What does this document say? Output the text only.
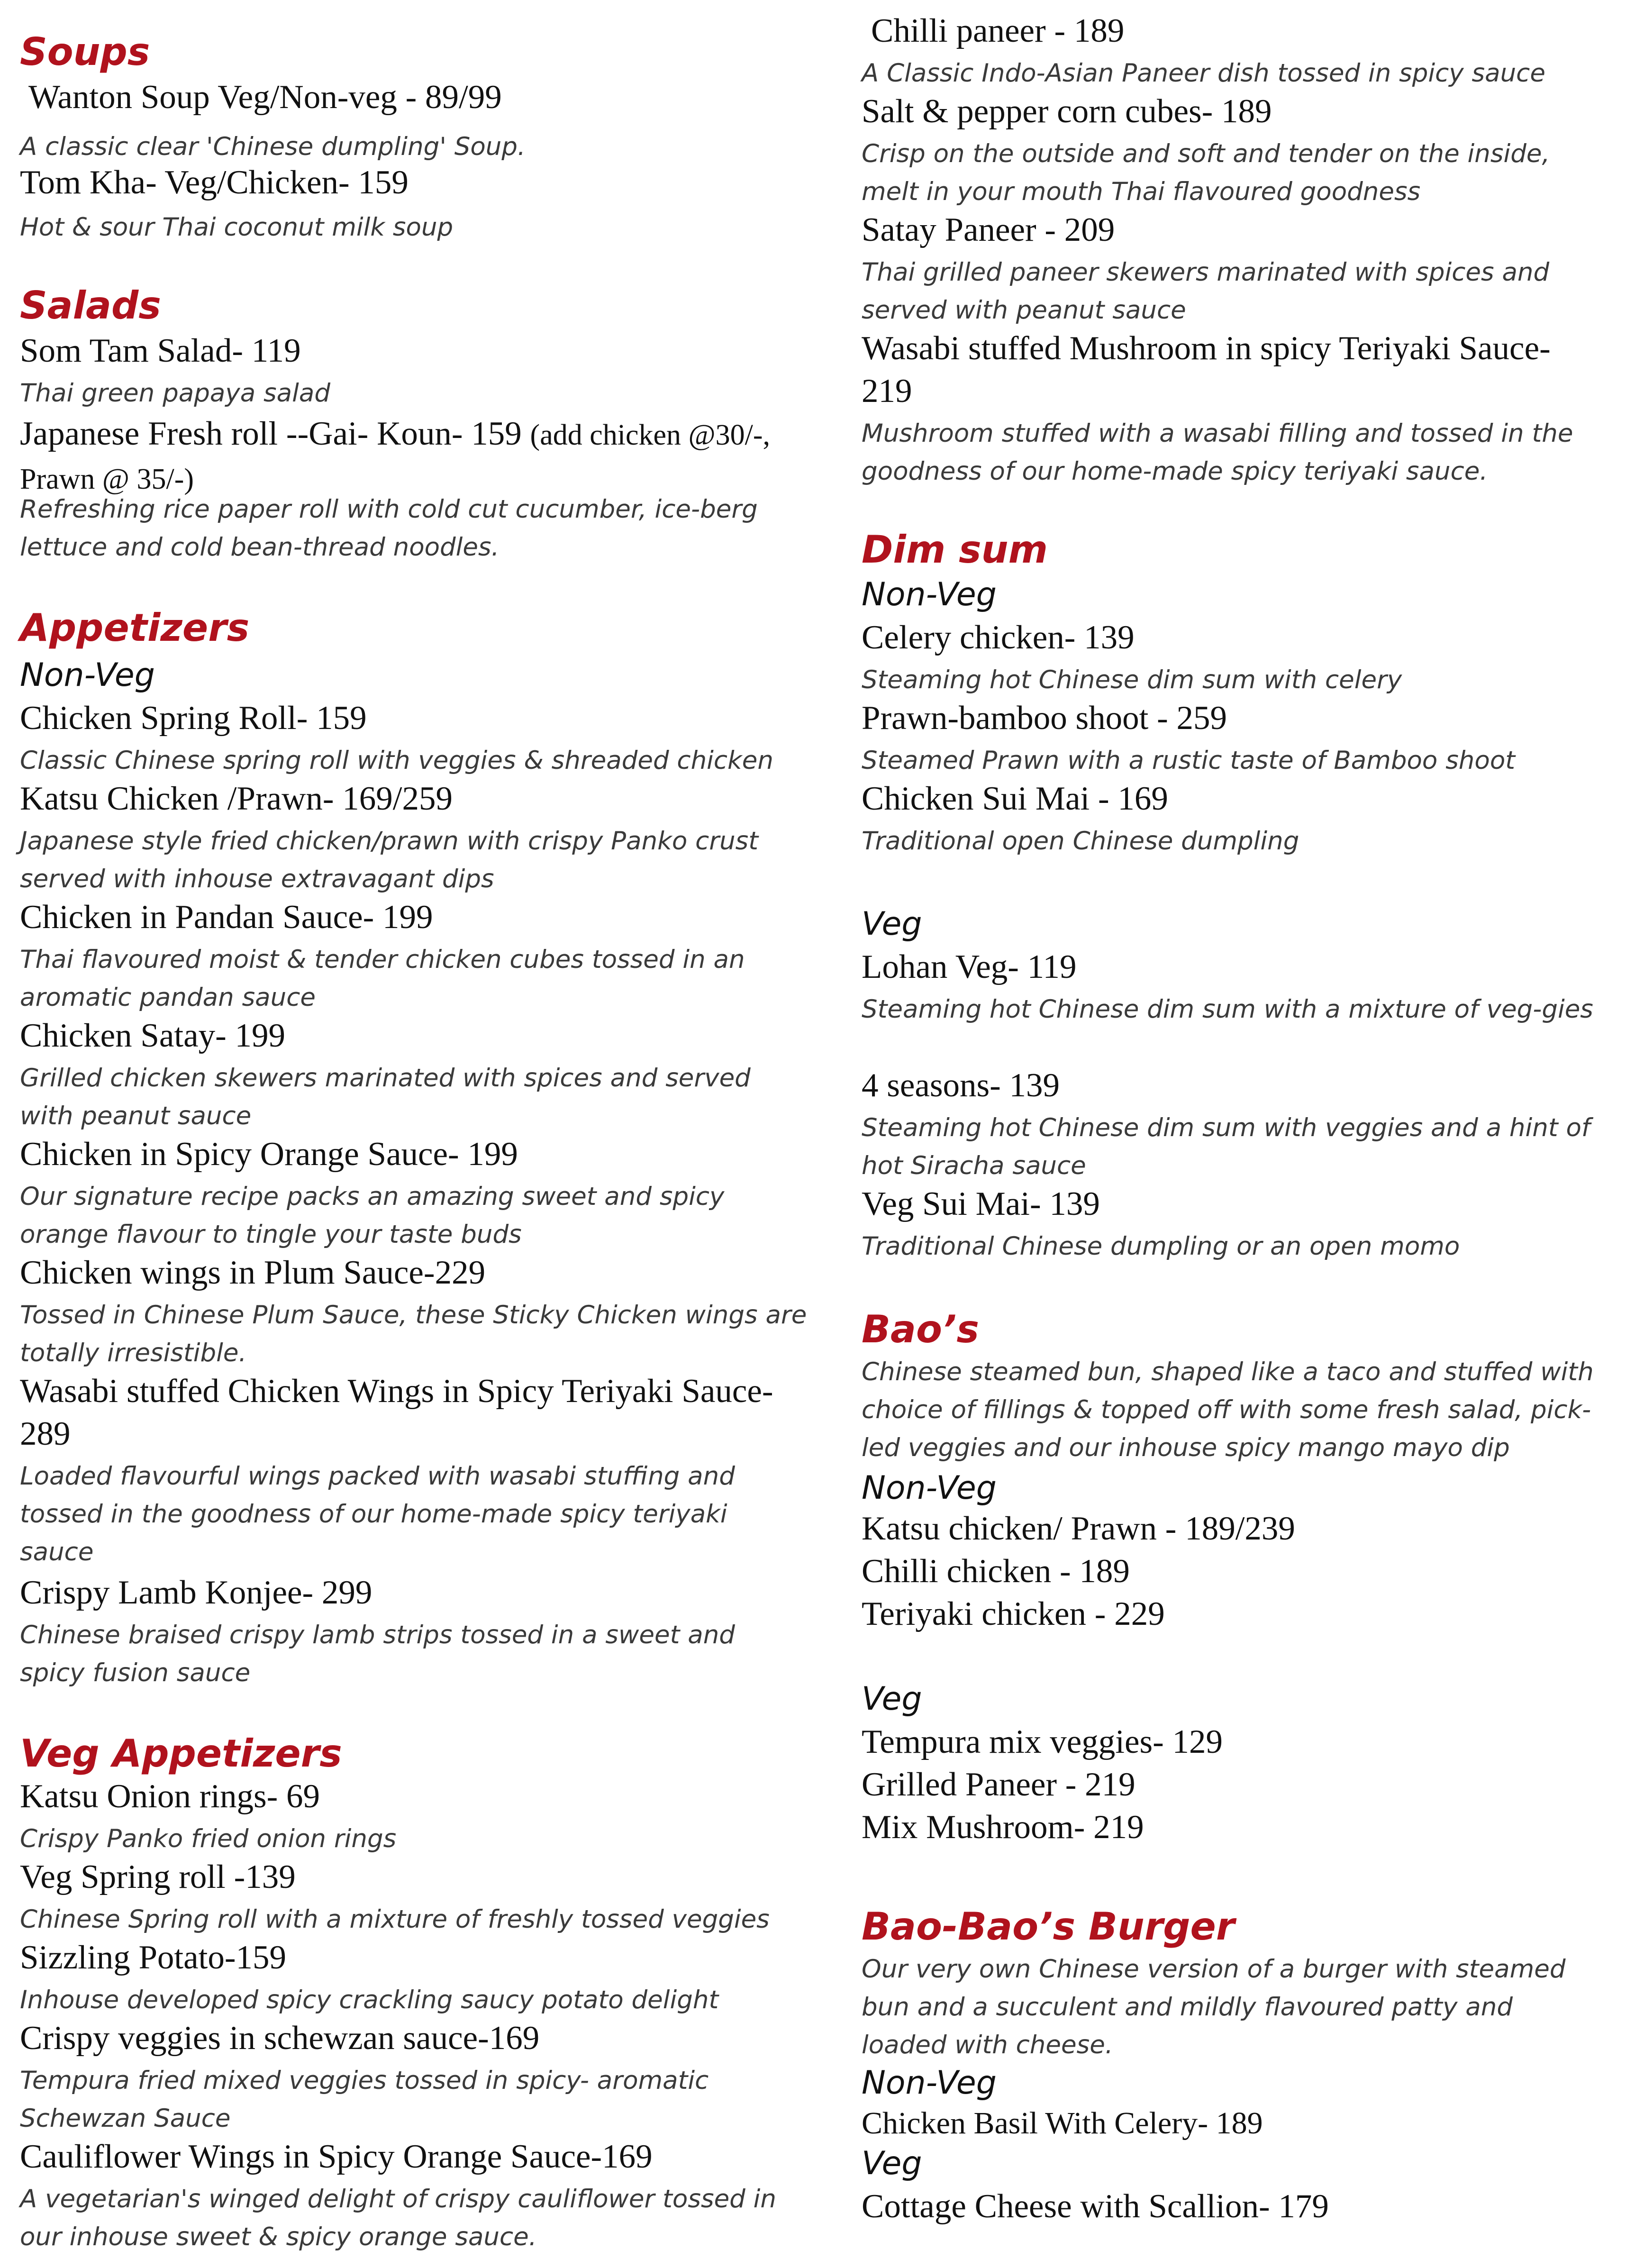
Soups
Wanton Soup Veg/Non-veg - 89/99
A classic clear 'Chinese dumpling' Soup.
Tom Kha- Veg/Chicken- 159
Hot & sour Thai coconut milk soup
Salads
Som Tam Salad- 119
Thai green papaya salad
Japanese Fresh roll --Gai- Koun- 159 (add chicken @30/-, Prawn @ 35/-)
Refreshing rice paper roll with cold cut cucumber, ice-berg lettuce and cold bean-thread noodles.
Appetizers
Non-Veg
Chicken Spring Roll- 159
Classic Chinese spring roll with veggies & shreaded chicken
Katsu Chicken /Prawn- 169/259
Japanese style fried chicken/prawn with crispy Panko crust served with inhouse extravagant dips
Chicken in Pandan Sauce- 199
Thai flavoured moist & tender chicken cubes tossed in an aromatic pandan sauce
Chicken Satay- 199
Grilled chicken skewers marinated with spices and served with peanut sauce
Chicken in Spicy Orange Sauce- 199
Our signature recipe packs an amazing sweet and spicy orange flavour to tingle your taste buds
Chicken wings in Plum Sauce-229
Tossed in Chinese Plum Sauce, these Sticky Chicken wings are totally irresistible.
Wasabi stuffed Chicken Wings in Spicy Teriyaki Sauce-289
Loaded flavourful wings packed with wasabi stuffing and tossed in the goodness of our home-made spicy teriyaki sauce
Crispy Lamb Konjee- 299
Chinese braised crispy lamb strips tossed in a sweet and spicy fusion sauce
Veg Appetizers
Katsu Onion rings- 69
Crispy Panko fried onion rings
Veg Spring roll -139
Chinese Spring roll with a mixture of freshly tossed veggies
Sizzling Potato-159
Inhouse developed spicy crackling saucy potato delight
Crispy veggies in schewzan sauce-169
Tempura fried mixed veggies tossed in spicy- aromatic Schewzan Sauce
Cauliflower Wings in Spicy Orange Sauce-169
A vegetarian's winged delight of crispy cauliflower tossed in our inhouse sweet & spicy orange sauce.
Chilli paneer - 189
A Classic Indo-Asian Paneer dish tossed in spicy sauce
Salt & pepper corn cubes- 189
Crisp on the outside and soft and tender on the inside, melt in your mouth Thai flavoured goodness
Satay Paneer - 209
Thai grilled paneer skewers marinated with spices and served with peanut sauce
Wasabi stuffed Mushroom in spicy Teriyaki Sauce- 219
Mushroom stuffed with a wasabi filling and tossed in the goodness of our home-made spicy teriyaki sauce.
Dim sum
Non-Veg
Celery chicken- 139
Steaming hot Chinese dim sum with celery
Prawn-bamboo shoot - 259
Steamed Prawn with a rustic taste of Bamboo shoot
Chicken Sui Mai - 169
Traditional open Chinese dumpling
Veg
Lohan Veg- 119
Steaming hot Chinese dim sum with a mixture of veg-gies
4 seasons- 139
Steaming hot Chinese dim sum with veggies and a hint of hot Siracha sauce
Veg Sui Mai- 139
Traditional Chinese dumpling or an open momo
Bao’s
Chinese steamed bun, shaped like a taco and stuffed with choice of fillings & topped off with some fresh salad, pick-led veggies and our inhouse spicy mango mayo dip
Non-Veg
Katsu chicken/ Prawn - 189/239
Chilli chicken - 189
Teriyaki chicken - 229
Veg
Tempura mix veggies- 129
Grilled Paneer - 219
Mix Mushroom- 219
Bao-Bao’s Burger
Our very own Chinese version of a burger with steamed bun and a succulent and mildly flavoured patty and loaded with cheese.
Non-Veg
Chicken Basil With Celery- 189
Veg
Cottage Cheese with Scallion- 179
